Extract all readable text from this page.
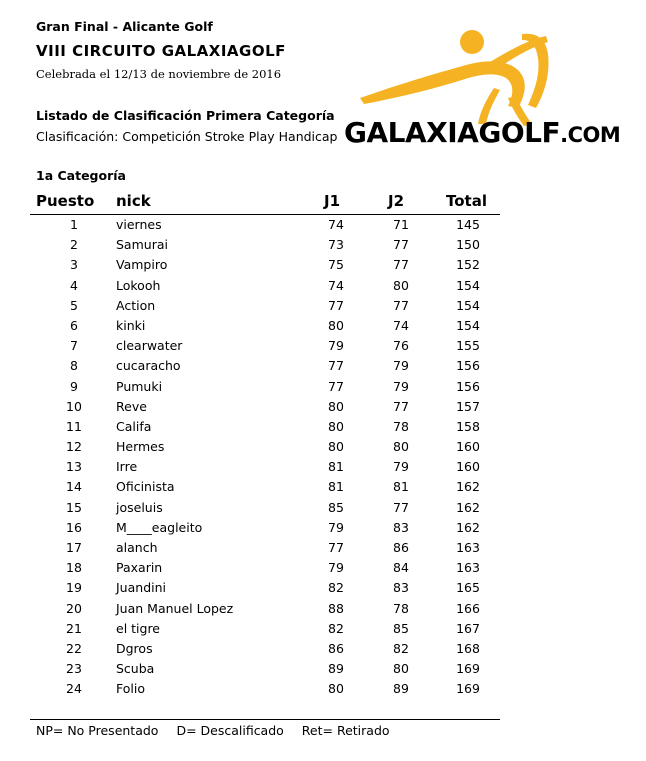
Gran Final - Alicante Golf
VIII CIRCUITO GALAXIAGOLF
Celebrada el 12/13 de noviembre de 2016
Listado de Clasificación Primera Categoría
Clasificación: Competición Stroke Play Handicap GALAXIAGOLF.COM
1a Categoría
Puesto nick	J1	J2	Total
1	viernes	74	71	145
2	Samurai	73	77	150
3	Vampiro	75	77	152
4	Lokooh	74	80	154
5	Action	77	77	154
6	kinki	80	74	154
7	clearwater	79	76	155
8	cucaracho	77	79	156
9	Pumuki	77	79	156
10	Reve	80	77	157
11	Califa	80	78	158
12	Hermes	80	80	160
13	Irre	81	79	160
14	Oficinista	81	81	162
15	joseluis	85	77	162
16	M____eagleito	79	83	162
17	alanch	77	86	163
18	Paxarin	79	84	163
19	Juandini	82	83	165
20	Juan Manuel Lopez	88	78	166
21	el tigre	82	85	167
22	Dgros	86	82	168
23	Scuba	89	80	169
24	Folio	80	89	169
NP= No Presentado D= Descalificado Ret= Retirado
